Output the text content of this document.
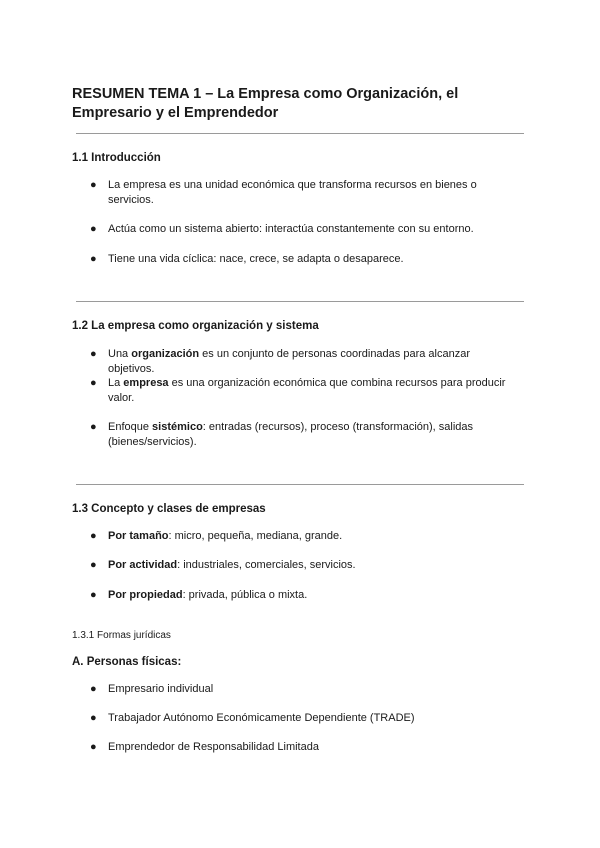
RESUMEN TEMA 1 – La Empresa como Organización, el Empresario y el Emprendedor
1.1 Introducción
● La empresa es una unidad económica que transforma recursos en bienes o servicios.
● Actúa como un sistema abierto: interactúa constantemente con su entorno.
● Tiene una vida cíclica: nace, crece, se adapta o desaparece.
1.2 La empresa como organización y sistema
● Una organización es un conjunto de personas coordinadas para alcanzar objetivos.
● La empresa es una organización económica que combina recursos para producir valor.
● Enfoque sistémico: entradas (recursos), proceso (transformación), salidas (bienes/servicios).
1.3 Concepto y clases de empresas
● Por tamaño: micro, pequeña, mediana, grande.
● Por actividad: industriales, comerciales, servicios.
● Por propiedad: privada, pública o mixta.
1.3.1 Formas jurídicas
A. Personas físicas:
● Empresario individual
● Trabajador Autónomo Económicamente Dependiente (TRADE)
● Emprendedor de Responsabilidad Limitada
